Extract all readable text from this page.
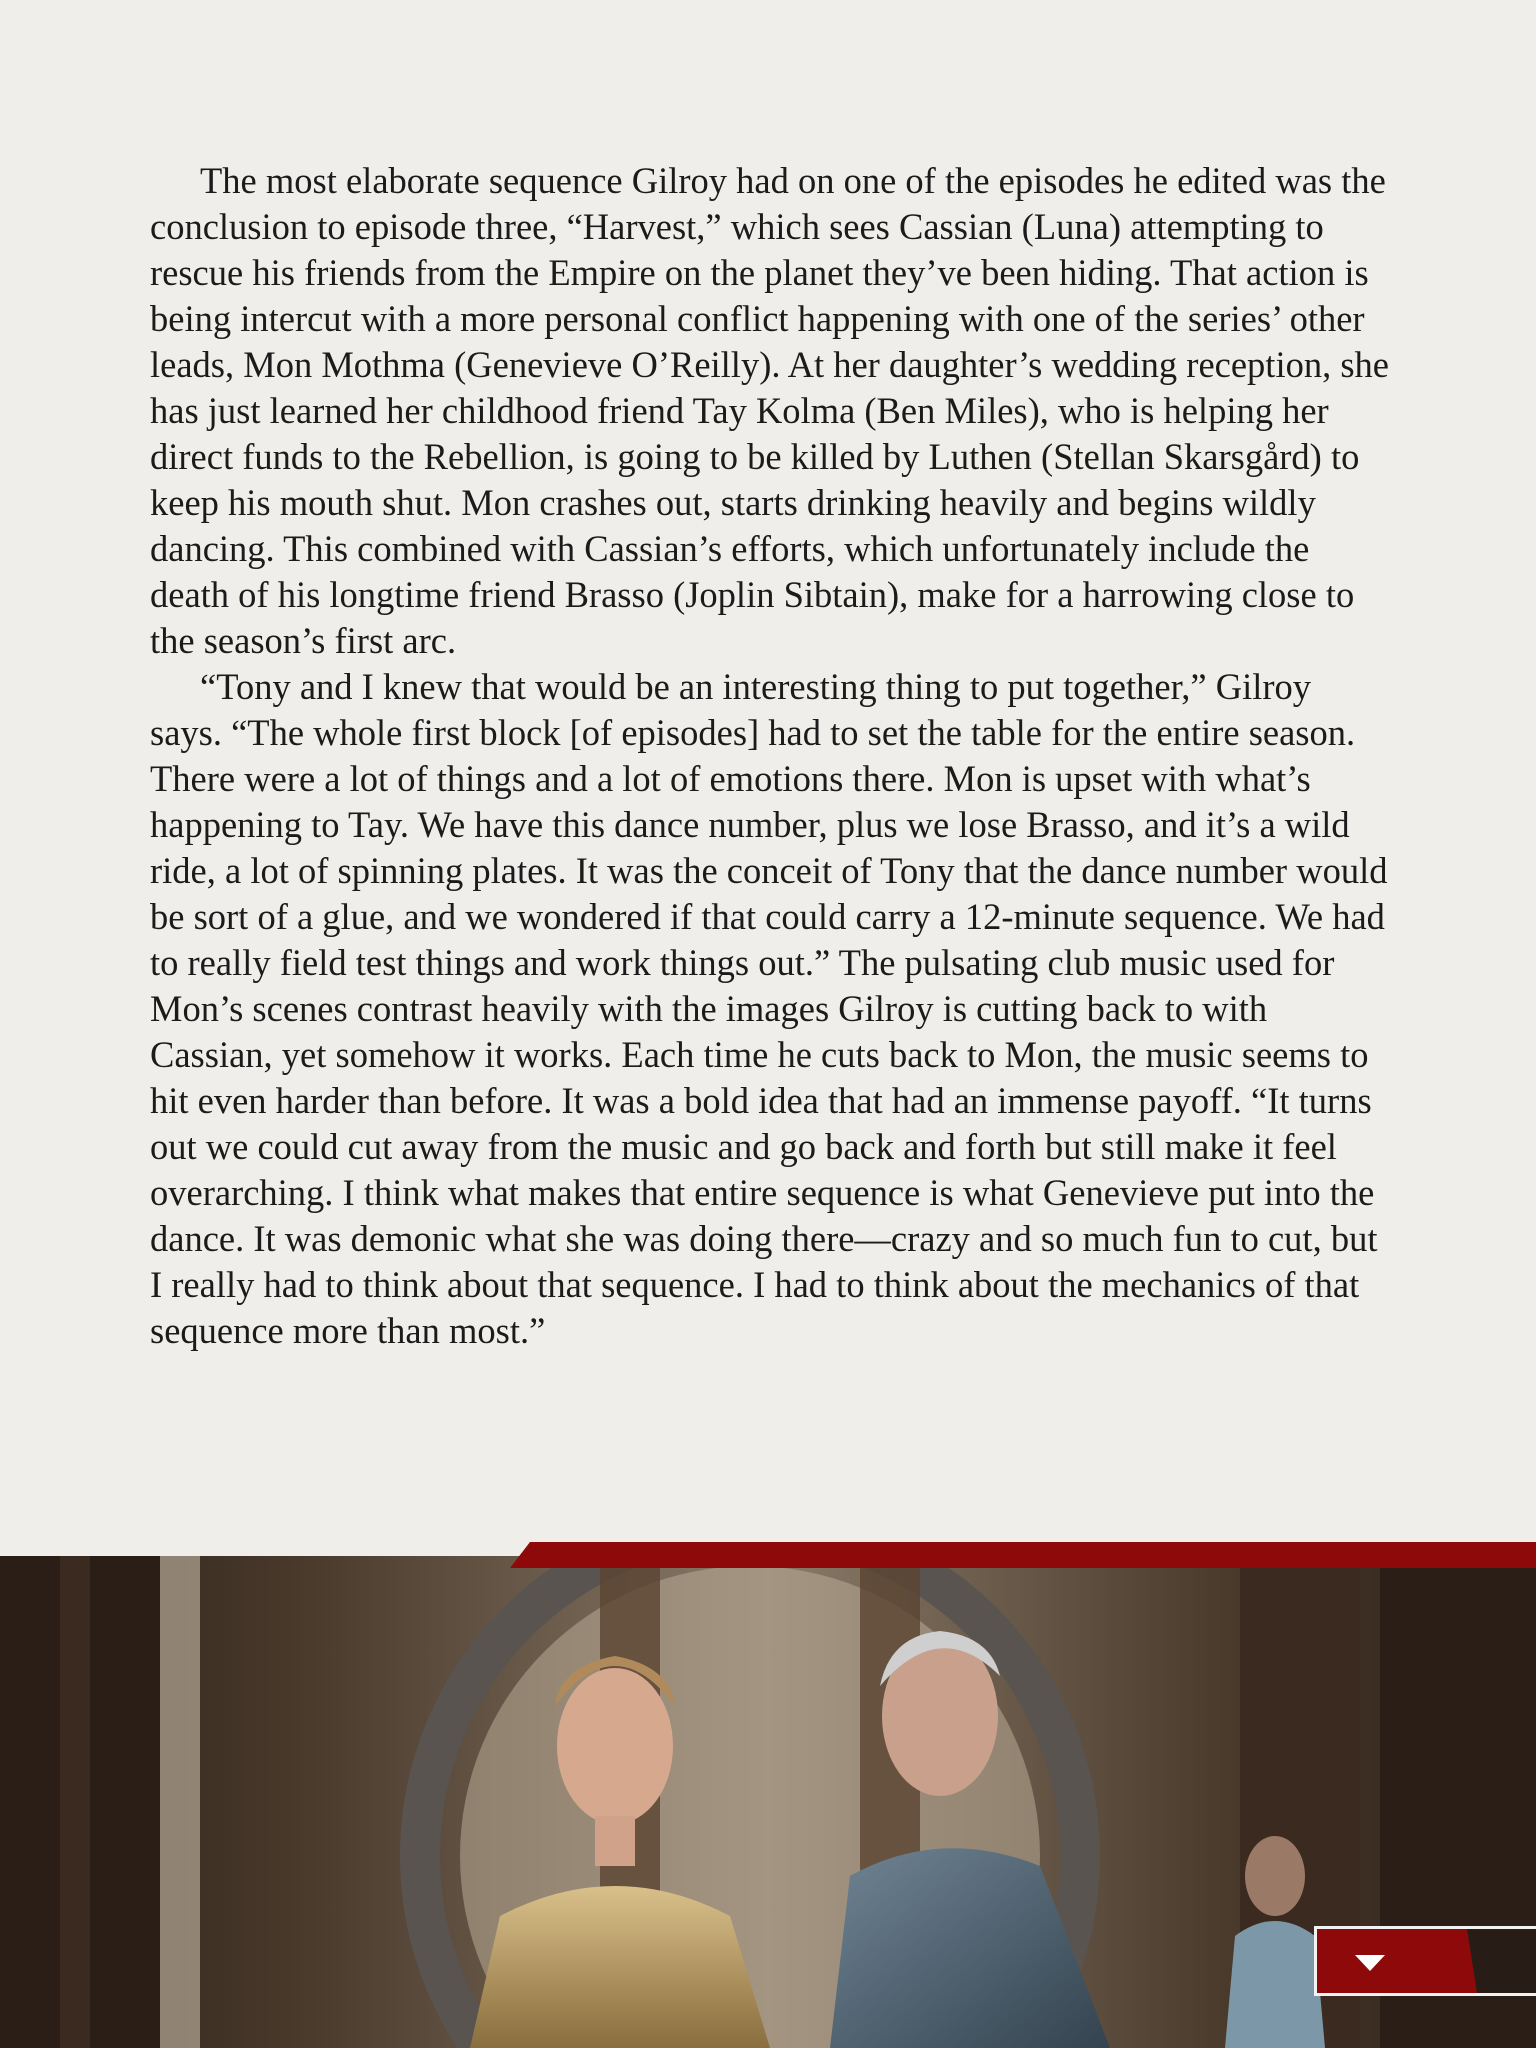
The most elaborate sequence Gilroy had on one of the episodes he edited was the conclusion to episode three, “Harvest,” which sees Cassian (Luna) attempting to rescue his friends from the Empire on the planet they’ve been hiding. That action is being intercut with a more personal conflict happening with one of the series’ other leads, Mon Mothma (Genevieve O’Reilly). At her daughter’s wedding reception, she has just learned her childhood friend Tay Kolma (Ben Miles), who is helping her direct funds to the Rebellion, is going to be killed by Luthen (Stellan Skarsgård) to keep his mouth shut. Mon crashes out, starts drinking heavily and begins wildly dancing. This combined with Cassian’s efforts, which unfortunately include the death of his longtime friend Brasso (Joplin Sibtain), make for a harrowing close to the season’s first arc.

“Tony and I knew that would be an interesting thing to put together,” Gilroy says. “The whole first block [of episodes] had to set the table for the entire season. There were a lot of things and a lot of emotions there. Mon is upset with what’s happening to Tay. We have this dance number, plus we lose Brasso, and it’s a wild ride, a lot of spinning plates. It was the conceit of Tony that the dance number would be sort of a glue, and we wondered if that could carry a 12-minute sequence. We had to really field test things and work things out.” The pulsating club music used for Mon’s scenes contrast heavily with the images Gilroy is cutting back to with Cassian, yet somehow it works. Each time he cuts back to Mon, the music seems to hit even harder than before. It was a bold idea that had an immense payoff. “It turns out we could cut away from the music and go back and forth but still make it feel overarching. I think what makes that entire sequence is what Genevieve put into the dance. It was demonic what she was doing there—crazy and so much fun to cut, but I really had to think about that sequence. I had to think about the mechanics of that sequence more than most.”
